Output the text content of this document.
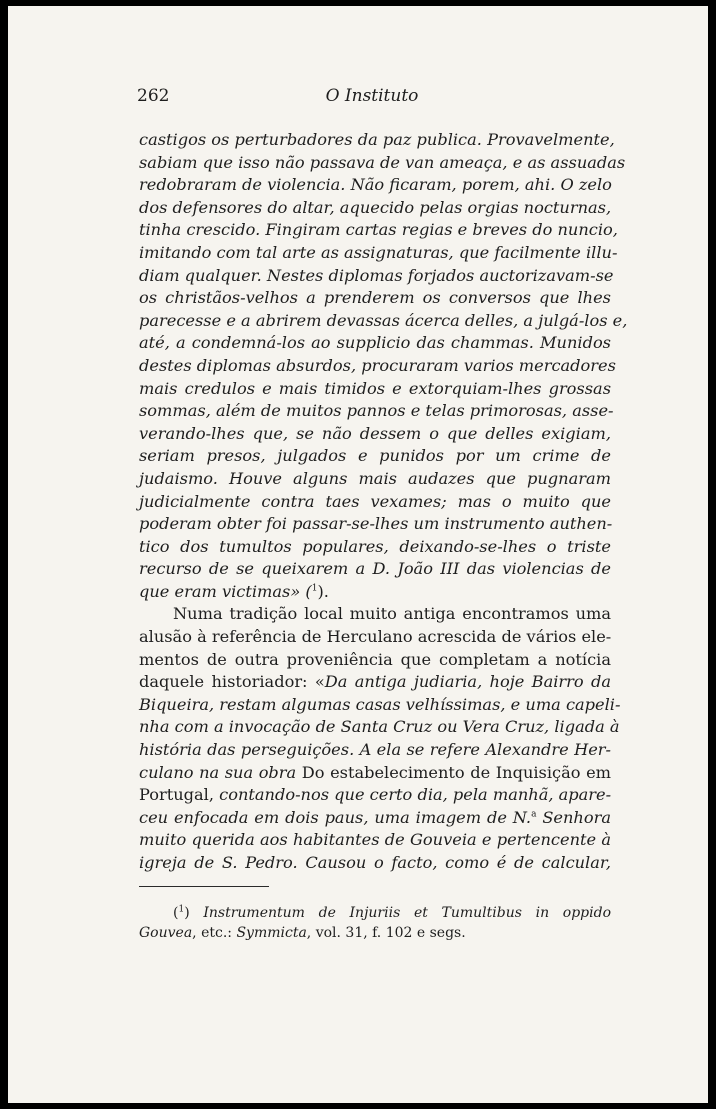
262	O Instituto
castigos os perturbadores da paz publica. Provavelmente,
sabiam que isso não passava de van ameaça, e as assuadas
redobraram de violencia. Não ficaram, porem, ahi. O zelo
dos defensores do altar, aquecido pelas orgias nocturnas,
tinha crescido. Fingiram cartas regias e breves do nuncio,
imitando com tal arte as assignaturas, que facilmente illu-
diam qualquer. Nestes diplomas forjados auctorizavam-se
os christãos-velhos a prenderem os conversos que lhes
parecesse e a abrirem devassas ácerca delles, a julgá-los e,
até, a condemná-los ao supplicio das chammas. Munidos
destes diplomas absurdos, procuraram varios mercadores
mais credulos e mais timidos e extorquiam-lhes grossas
sommas, além de muitos pannos e telas primorosas, asse-
verando-lhes que, se não dessem o que delles exigiam,
seriam presos, julgados e punidos por um crime de
judaismo. Houve alguns mais audazes que pugnaram
judicialmente contra taes vexames; mas o muito que
poderam obter foi passar-se-lhes um instrumento authen-
tico dos tumultos populares, deixando-se-lhes o triste
recurso de se queixarem a D. João III das violencias de
que eram victimas» ($^1$).
Numa tradição local muito antiga encontramos uma
alusão à referência de Herculano acrescida de vários ele-
mentos de outra proveniência que completam a notícia
daquele historiador: «Da antiga judiaria, hoje Bairro da
Biqueira, restam algumas casas velhíssimas, e uma capeli-
nha com a invocação de Santa Cruz ou Vera Cruz, ligada à
história das perseguições. A ela se refere Alexandre Her-
culano na sua obra Do estabelecimento de Inquisição em
Portugal, contando-nos que certo dia, pela manhã, apare-
ceu enfocada em dois paus, uma imagem de N.$^a$ Senhora
muito querida aos habitantes de Gouveia e pertencente à
igreja de S. Pedro. Causou o facto, como é de calcular,
($^1$) Instrumentum de Injuriis et Tumultibus in oppido
Gouvea, etc.: Symmicta, vol. 31, f. 102 e segs.
